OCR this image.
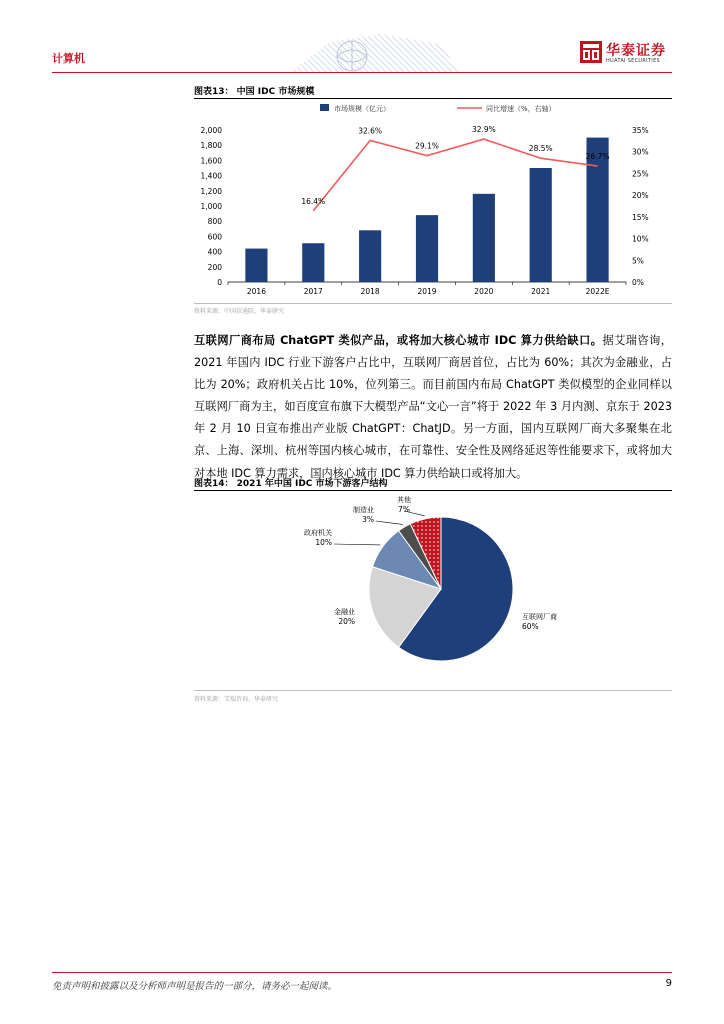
计算机	华泰证券
HUATAI SECURITIES
图表13： 中国 IDC 市场规模
市场规模（亿元）	同比增速（%，右轴）
0
200
400
600
800
1,000
1,200
1,400
1,600
1,800
2,000
0%
5%
10%
15%
20%
25%
30%
35%
2016	2017	2018	2019	2020	2021	2022E
16.4%
32.6%
29.1%
32.9%
28.5%
26.7%
资料来源：中国信通院、华泰研究
互联网厂商布局 ChatGPT 类似产品，或将加大核心城市 IDC 算力供给缺口。据艾瑞咨询，2021 年国内 IDC 行业下游客户占比中，互联网厂商居首位，占比为 60%；其次为金融业，占比为 20%；政府机关占比 10%，位列第三。而目前国内布局 ChatGPT 类似模型的企业同样以互联网厂商为主，如百度宣布旗下大模型产品“文心一言”将于 2022 年 3 月内测、京东于 2023 年 2 月 10 日宣布推出产业版 ChatGPT：ChatJD。另一方面，国内互联网厂商大多聚集在北京、上海、深圳、杭州等国内核心城市，在可靠性、安全性及网络延迟等性能要求下，或将加大对本地 IDC 算力需求，国内核心城市 IDC 算力供给缺口或将加大。
图表14： 2021 年中国 IDC 市场下游客户结构
互联网厂商
60%
金融业
20%
政府机关
10%
制造业
3%
其他
7%
资料来源：艾瑞咨询、华泰研究
免责声明和披露以及分析师声明是报告的一部分，请务必一起阅读。	9
